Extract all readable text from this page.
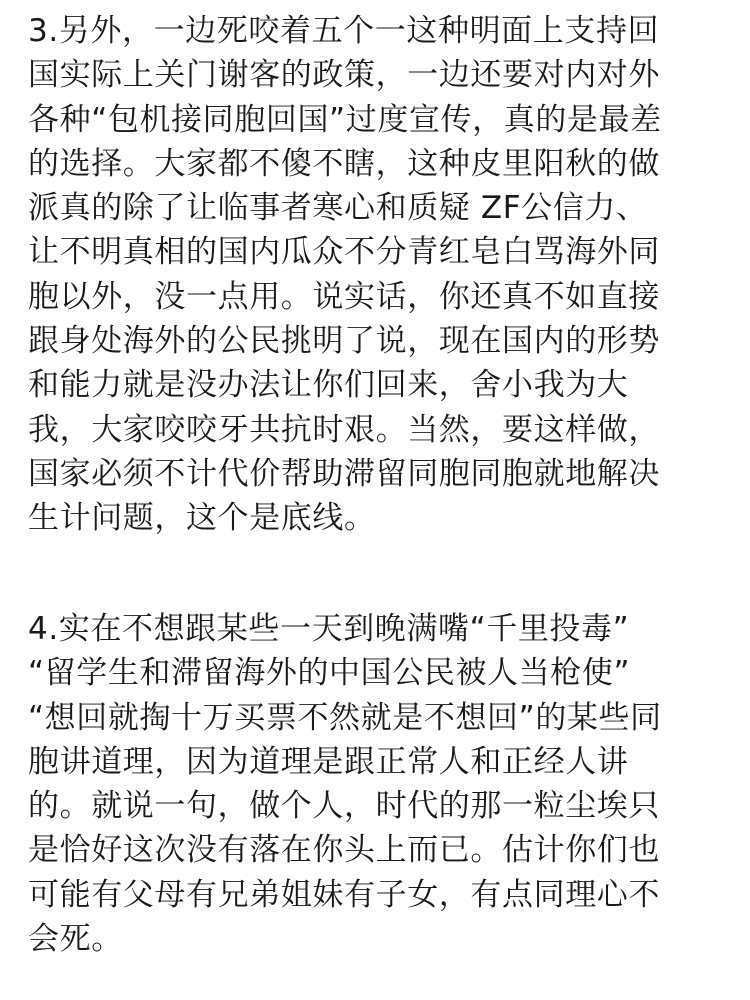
3.另外，一边死咬着五个一这种明面上支持回
国实际上关门谢客的政策，一边还要对内对外
各种“包机接同胞回国”过度宣传，真的是最差
的选择。大家都不傻不瞎，这种皮里阳秋的做
派真的除了让临事者寒心和质疑 ZF公信力、
让不明真相的国内瓜众不分青红皂白骂海外同
胞以外，没一点用。说实话，你还真不如直接
跟身处海外的公民挑明了说，现在国内的形势
和能力就是没办法让你们回来，舍小我为大
我，大家咬咬牙共抗时艰。当然，要这样做，
国家必须不计代价帮助滞留同胞同胞就地解决
生计问题，这个是底线。
4.实在不想跟某些一天到晚满嘴“千里投毒”
“留学生和滞留海外的中国公民被人当枪使”
“想回就掏十万买票不然就是不想回”的某些同
胞讲道理，因为道理是跟正常人和正经人讲
的。就说一句，做个人，时代的那一粒尘埃只
是恰好这次没有落在你头上而已。估计你们也
可能有父母有兄弟姐妹有子女，有点同理心不
会死。
